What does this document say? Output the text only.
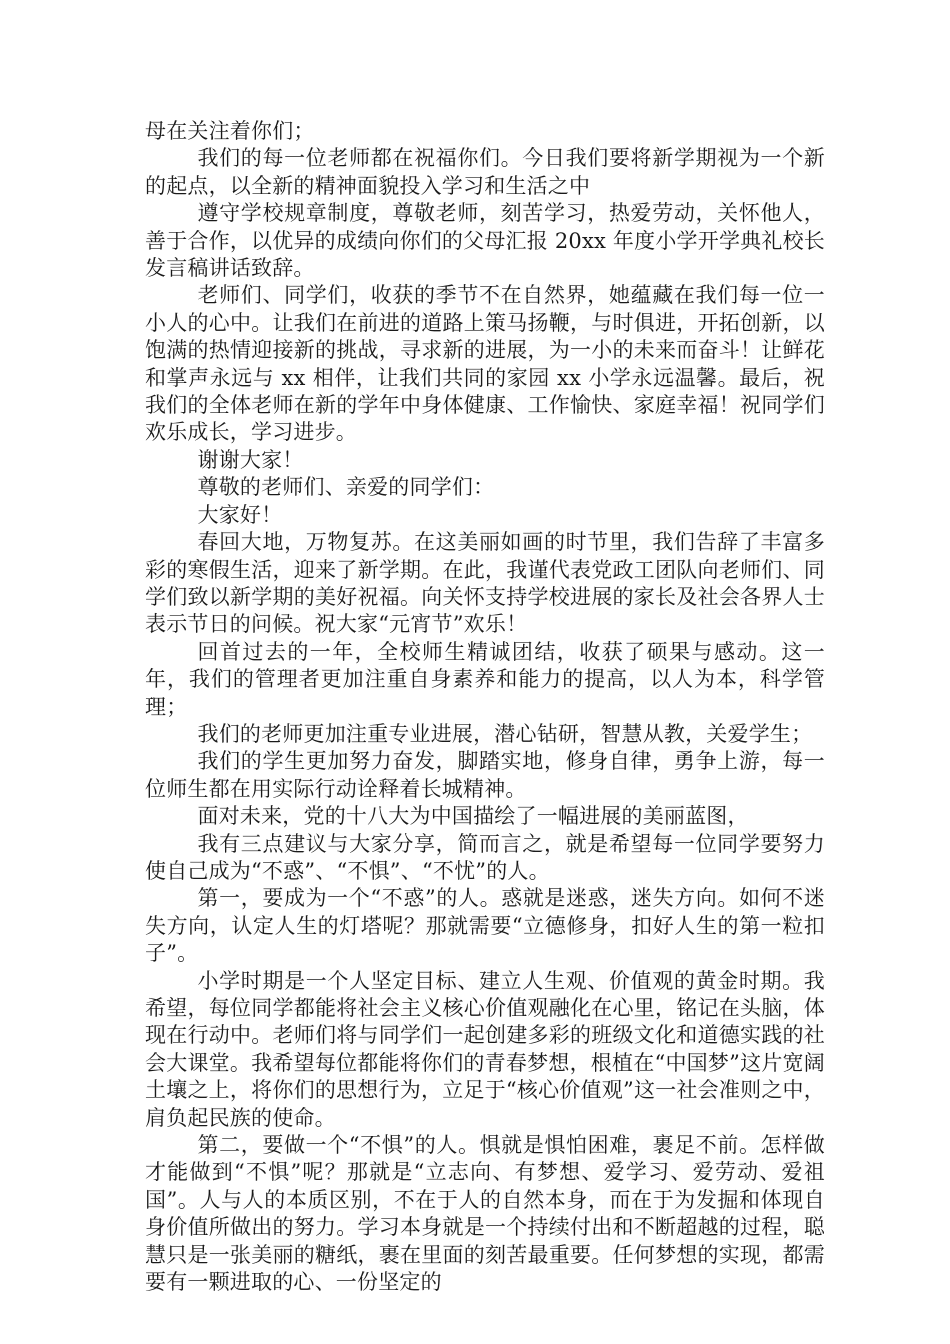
母在关注着你们；

我们的每一位老师都在祝福你们。今日我们要将新学期视为一个新的起点，以全新的精神面貌投入学习和生活之中

遵守学校规章制度，尊敬老师，刻苦学习，热爱劳动，关怀他人，善于合作，以优异的成绩向你们的父母汇报 20xx 年度小学开学典礼校长发言稿讲话致辞。

老师们、同学们，收获的季节不在自然界，她蕴藏在我们每一位一小人的心中。让我们在前进的道路上策马扬鞭，与时俱进，开拓创新，以饱满的热情迎接新的挑战，寻求新的进展，为一小的未来而奋斗！让鲜花和掌声永远与 xx 相伴，让我们共同的家园 xx 小学永远温馨。最后，祝我们的全体老师在新的学年中身体健康、工作愉快、家庭幸福！祝同学们欢乐成长，学习进步。

谢谢大家！

尊敬的老师们、亲爱的同学们：

大家好！

春回大地，万物复苏。在这美丽如画的时节里，我们告辞了丰富多彩的寒假生活，迎来了新学期。在此，我谨代表党政工团队向老师们、同学们致以新学期的美好祝福。向关怀支持学校进展的家长及社会各界人士表示节日的问候。祝大家“元宵节”欢乐！

回首过去的一年，全校师生精诚团结，收获了硕果与感动。这一年，我们的管理者更加注重自身素养和能力的提高，以人为本，科学管理；

我们的老师更加注重专业进展，潜心钻研，智慧从教，关爱学生；

我们的学生更加努力奋发，脚踏实地，修身自律，勇争上游，每一位师生都在用实际行动诠释着长城精神。

面对未来，党的十八大为中国描绘了一幅进展的美丽蓝图，

我有三点建议与大家分享，简而言之，就是希望每一位同学要努力使自己成为“不惑”、“不惧”、“不忧”的人。

第一，要成为一个“不惑”的人。惑就是迷惑，迷失方向。如何不迷失方向，认定人生的灯塔呢？那就需要“立德修身，扣好人生的第一粒扣子”。

小学时期是一个人坚定目标、建立人生观、价值观的黄金时期。我希望，每位同学都能将社会主义核心价值观融化在心里，铭记在头脑，体现在行动中。老师们将与同学们一起创建多彩的班级文化和道德实践的社会大课堂。我希望每位都能将你们的青春梦想，根植在“中国梦”这片宽阔土壤之上，将你们的思想行为，立足于“核心价值观”这一社会准则之中，肩负起民族的使命。

第二，要做一个“不惧”的人。惧就是惧怕困难，裹足不前。怎样做才能做到“不惧”呢？那就是“立志向、有梦想、爱学习、爱劳动、爱祖国”。人与人的本质区别，不在于人的自然本身，而在于为发掘和体现自身价值所做出的努力。学习本身就是一个持续付出和不断超越的过程，聪慧只是一张美丽的糖纸，裹在里面的刻苦最重要。任何梦想的实现，都需要有一颗进取的心、一份坚定的
